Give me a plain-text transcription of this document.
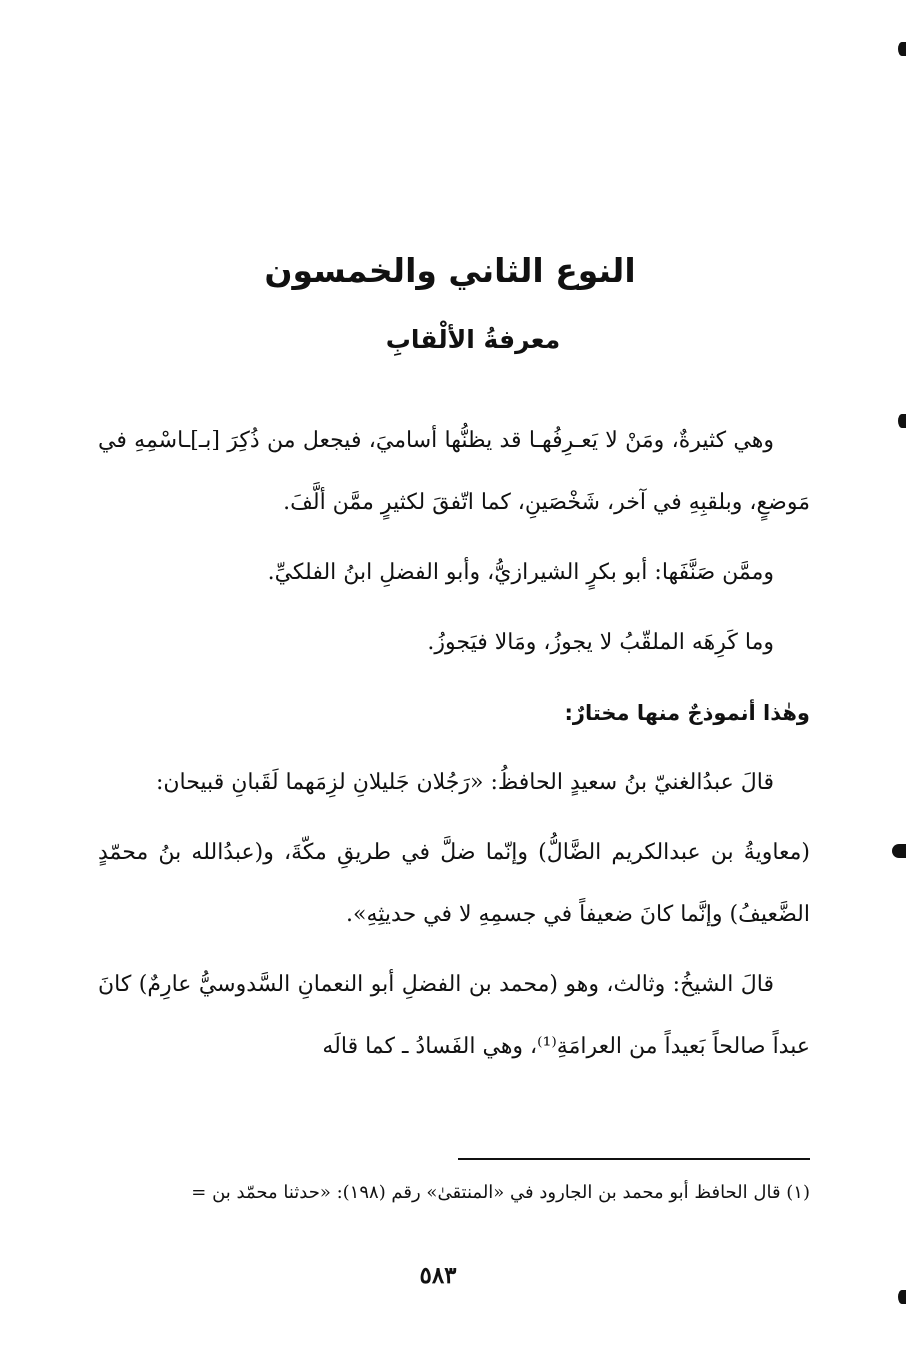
النوع الثاني والخمسون
معرفةُ الألْقابِ

وهي كثيرةٌ، ومَنْ لا يَعـرِفُهـا قد يظنُّها أساميَ، فيجعل من ذُكِرَ [بـ]ـاسْمِهِ في مَوضعٍ، وبلقبِهِ في آخر، شَخْصَينِ، كما اتّفقَ لكثيرٍ ممَّن ألَّفَ.

وممَّن صَنَّفَها: أبو بكرٍ الشيرازيُّ، وأبو الفضلِ ابنُ الفلكيِّ.

وما كَرِهَه الملقّبُ لا يجوزُ، ومَالا فيَجوزُ.

وهٰذا أنموذجٌ منها مختارٌ:

قالَ عبدُالغنيّ بنُ سعيدٍ الحافظُ: «رَجُلان جَليلانِ لزِمَهما لَقَبانِ قبيحان:

(معاويةُ بن عبدالكريم الضَّالُّ) وإنّما ضلَّ في طريقِ مكّةَ، و(عبدُالله بنُ محمّدٍ الضَّعيفُ) وإنَّما كانَ ضعيفاً في جسمِهِ لا في حديثِهِ».

قالَ الشيخُ: وثالث، وهو (محمد بن الفضلِ أبو النعمانِ السَّدوسيُّ عارِمٌ) كانَ عبداً صالحاً بَعيداً من العرامَةِ⁽¹⁾، وهي الفَسادُ ـ كما قالَه

(١) قال الحافظ أبو محمد بن الجارود في «المنتقىٰ» رقم (١٩٨): «حدثنا محمّد بن =

٥٨٣
